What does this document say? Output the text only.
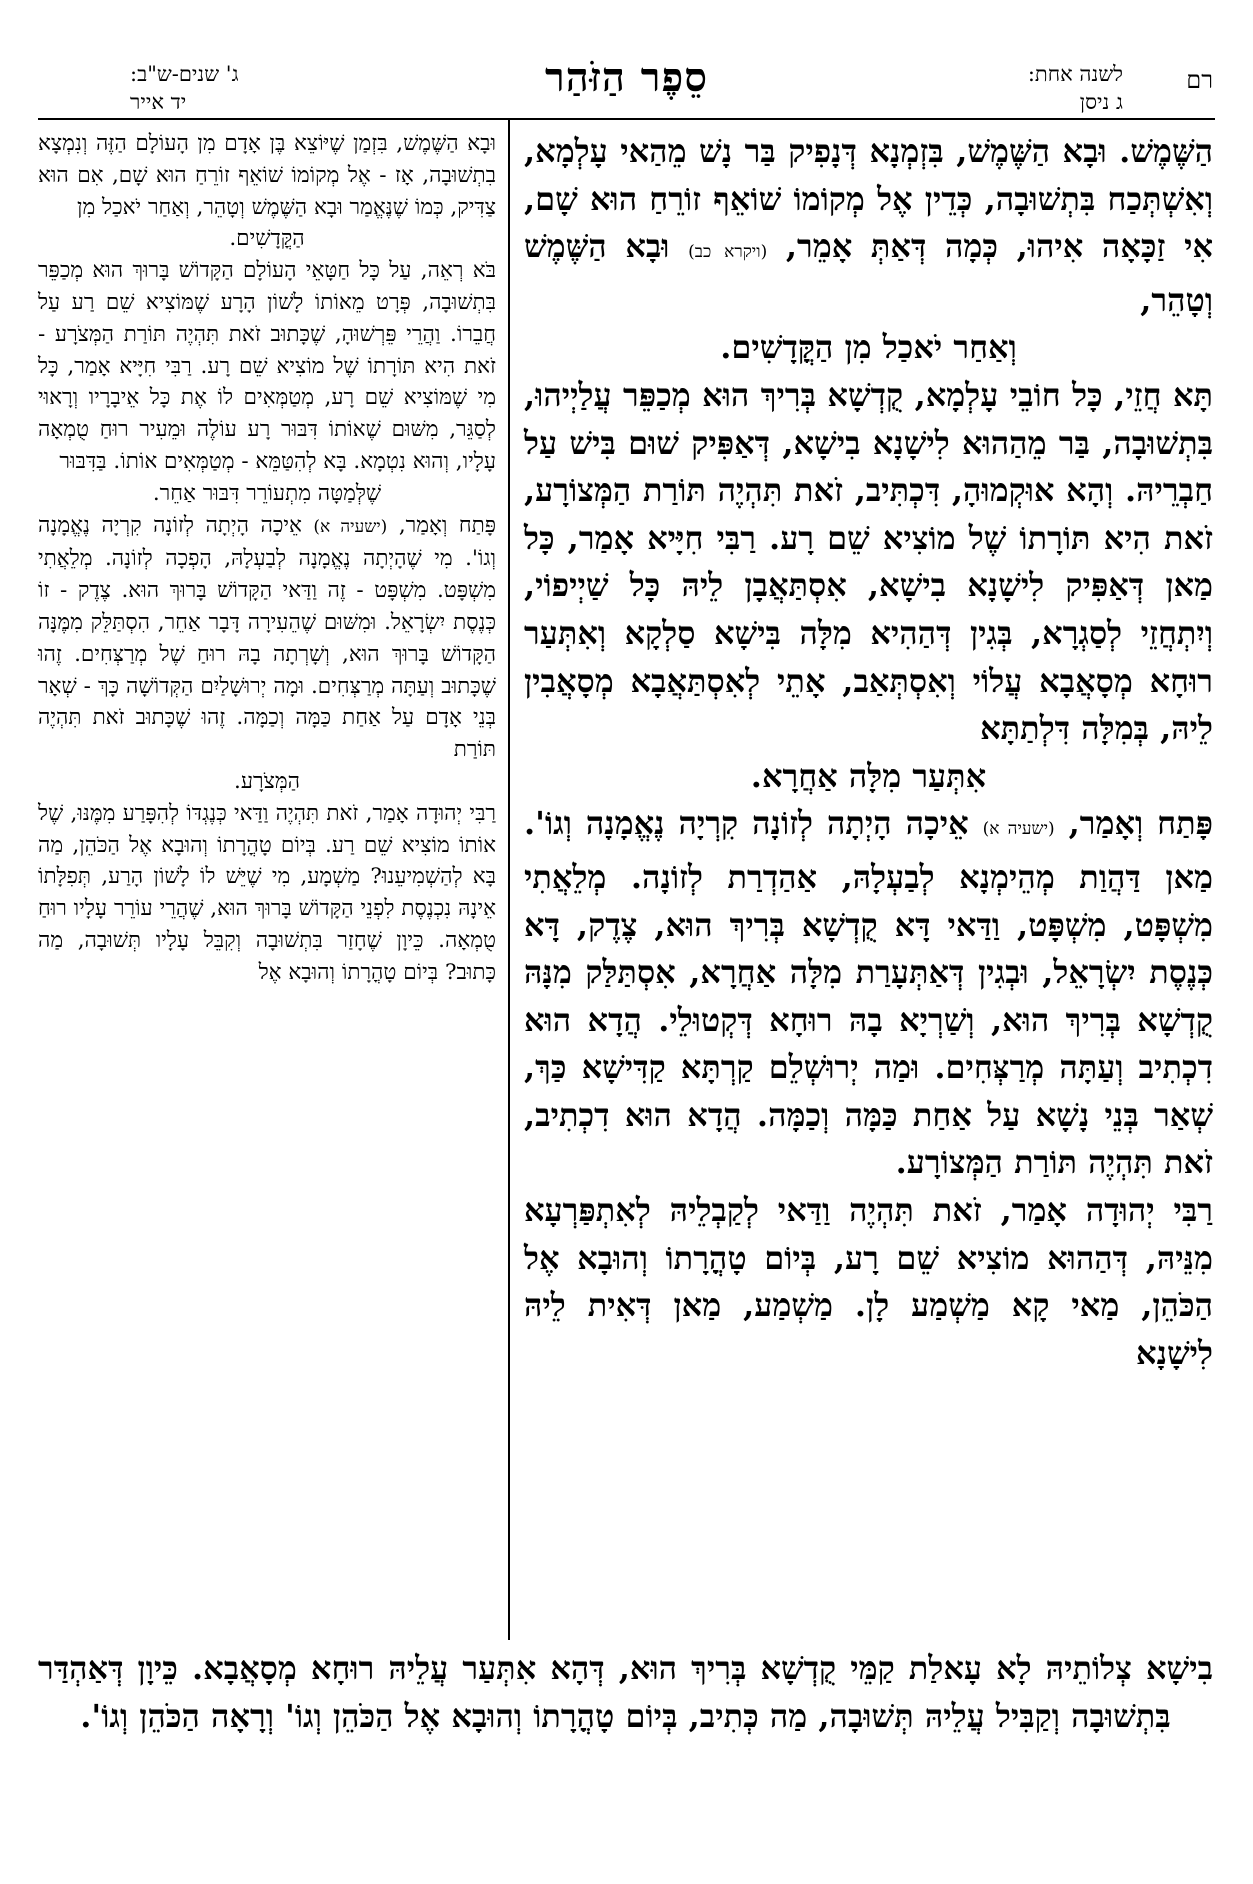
רם
לשנה אחת:
ג ניסן
סֵפֶר הַזֹּהַר
ג' שנים-ש"ב:
יד אייר

הַשֶּׁמֶשׁ. וּבָא הַשֶּׁמֶשׁ, בִּזְמְנָא דְּנָפִיק בַּר נָשׁ מֵהַאי עָלְמָא, וְאִשְׁתְּכַח בִּתְשׁוּבָה, כְּדֵין אֶל מְקוֹמוֹ שׁוֹאֵף זוֹרֵחַ הוּא שָׁם, אִי זַכָּאָה אִיהוּ, כְּמָה דְּאַתְּ אָמֵר, (ויקרא כב) וּבָא הַשֶּׁמֶשׁ וְטָהֵר,

וְאַחַר יֹאכַל מִן הַקֳּדָשִׁים.

תָּא חֲזֵי, כָּל חוֹבֵי עָלְמָא, קֻדְשָׁא בְּרִיךְ הוּא מְכַפֵּר עֲלַיְיהוּ, בִּתְשׁוּבָה, בַּר מֵהַהוּא לִישָׁנָא בִישָׁא, דְּאַפִּיק שׁוּם בִּישׁ עַל חַבְרֵיהּ. וְהָא אוּקְמוּהָ, דִּכְתִּיב, זֹאת תִּהְיֶה תּוֹרַת הַמְּצוֹרָע, זֹאת הִיא תּוֹרָתוֹ שֶׁל מוֹצִיא שֵׁם רָע. רַבִּי חִיָּיא אָמַר, כָּל מַאן דְּאַפִּיק לִישָׁנָא בִישָׁא, אִסְתַּאֲבָן לֵיהּ כָּל שַׁיְיפוֹי, וְיִתְחֲזֵי לְסַגְרָא, בְּגִין דְּהַהִיא מִלָּה בִּישָׁא סַלְקָא וְאִתְּעַר רוּחָא מְסָאֲבָא עֲלוֹי וְאִסְתְּאַב, אָתֵי לְאִסְתַּאֲבָא מְסָאֲבִין לֵיהּ, בְּמִלָּה דִּלְתַתָּא

אִתְּעַר מִלָּה אַחֲרָא.

פָּתַח וְאָמַר, (ישעיה א) אֵיכָה הָיְתָה לְזוֹנָה קִרְיָה נֶאֱמָנָה וְגוֹ'. מַאן דַּהֲוַת מְהֵימְנָא לְבַעְלָהּ, אַהַדְרַת לְזוֹנָה. מְלֵאֲתִי מִשְׁפָּט, מִשְׁפָּט, וַדַּאי דָּא קֻדְשָׁא בְּרִיךְ הוּא, צֶדֶק, דָּא כְּנֶסֶת יִשְׂרָאֵל, וּבְגִין דְּאַתְּעָרַת מִלָּה אַחֲרָא, אִסְתַּלַּק מִנָּהּ קֻדְשָׁא בְּרִיךְ הוּא, וְשַׁרְיָא בָהּ רוּחָא דְּקְטוּלֵי. הֲדָא הוּא דִכְתִיב וְעַתָּה מְרַצְּחִים. וּמַה יְרוּשְׁלֵם קַרְתָּא קַדִּישָׁא כַּךְ, שְׁאַר בְּנֵי נָשָׁא עַל אַחַת כַּמָּה וְכַמָּה. הֲדָא הוּא דִכְתִיב, זֹאת תִּהְיֶה תּוֹרַת הַמְּצוֹרָע.

רַבִּי יְהוּדָה אָמַר, זֹאת תִּהְיֶה וַדַּאי לְקַבְלֵיהּ לְאִתְפַּרְעָא מִנֵּיהּ, דְּהַהוּא מוֹצִיא שֵׁם רָע, בְּיוֹם טָהֳרָתוֹ וְהוּבָא אֶל הַכֹּהֵן, מַאי קָא מַשְׁמַע לָן. מַשְׁמַע, מַאן דְּאִית לֵיהּ לִישָׁנָא

וּבָא הַשֶּׁמֶשׁ, בִּזְמַן שֶׁיּוֹצֵא בֶּן אָדָם מִן הָעוֹלָם הַזֶּה וְנִמְצָא בִתְשׁוּבָה, אָז - אֶל מְקוֹמוֹ שׁוֹאֵף זוֹרֵחַ הוּא שָׁם, אִם הוּא צַדִּיק, כְּמוֹ שֶׁנֶּאֱמַר וּבָא הַשֶּׁמֶשׁ וְטָהֵר, וְאַחַר יֹאכַל מִן

הַקֳּדָשִׁים.

בֹּא רְאֵה, עַל כָּל חַטָּאֵי הָעוֹלָם הַקָּדוֹשׁ בָּרוּךְ הוּא מְכַפֵּר בִּתְשׁוּבָה, פְּרָט מֵאוֹתוֹ לָשׁוֹן הָרָע שֶׁמּוֹצִיא שֵׁם רַע עַל חֲבֵרוֹ. וַהֲרֵי פֵּרְשׁוּהָ, שֶׁכָּתוּב זֹאת תִּהְיֶה תּוֹרַת הַמְּצֹרָע - זֹאת הִיא תּוֹרָתוֹ שֶׁל מוֹצִיא שֵׁם רָע. רַבִּי חִיָּיא אָמַר, כָּל מִי שֶׁמּוֹצִיא שֵׁם רָע, מְטַמְּאִים לוֹ אֶת כָּל אֵיבָרָיו וְרָאוּי לְסַגֵּר, מִשּׁוּם שֶׁאוֹתוֹ דִּבּוּר רָע עוֹלֶה וּמֵעִיר רוּחַ טֻמְאָה עָלָיו, וְהוּא נִטְמָא. בָּא לְהִטַּמֵּא - מְטַמְּאִים אוֹתוֹ. בַּדִּבּוּר

שֶׁלְּמַטָּה מִתְעוֹרֵר דִּבּוּר אַחֵר.

פָּתַח וְאָמַר, (ישעיה א) אֵיכָה הָיְתָה לְזוֹנָה קִרְיָה נֶאֱמָנָה וְגוֹ'. מִי שֶׁהָיְתָה נֶאֱמָנָה לְבַעְלָהּ, הָפְכָה לְזוֹנָה. מְלֵאֲתִי מִשְׁפָּט. מִשְׁפָּט - זֶה וַדַּאי הַקָּדוֹשׁ בָּרוּךְ הוּא. צֶדֶק - זוֹ כְּנֶסֶת יִשְׂרָאֵל. וּמִשּׁוּם שֶׁהֵעִירָה דָּבָר אַחֵר, הִסְתַּלֵּק מִמֶּנָּה הַקָּדוֹשׁ בָּרוּךְ הוּא, וְשָׁרְתָה בָהּ רוּחַ שֶׁל מְרַצְּחִים. זֶהוּ שֶׁכָּתוּב וְעַתָּה מְרַצְּחִים. וּמָה יְרוּשָׁלַיִם הַקְּדוֹשָׁה כָּךְ - שְׁאָר בְּנֵי אָדָם עַל אַחַת כַּמָּה וְכַמָּה. זֶהוּ שֶׁכָּתוּב זֹאת תִּהְיֶה תּוֹרַת

הַמְּצֹרָע.

רַבִּי יְהוּדָה אָמַר, זֹאת תִּהְיֶה וַדַּאי כְּנֶגְדּוֹ לְהִפָּרַע מִמֶּנּוּ, שֶׁל אוֹתוֹ מוֹצִיא שֵׁם רַע. בְּיוֹם טָהֳרָתוֹ וְהוּבָא אֶל הַכֹּהֵן, מַה בָּא לְהַשְׁמִיעֵנוּ? מַשְׁמָע, מִי שֶׁיֵּשׁ לוֹ לָשׁוֹן הָרַע, תְּפִלָּתוֹ אֵינָהּ נִכְנֶסֶת לִפְנֵי הַקָּדוֹשׁ בָּרוּךְ הוּא, שֶׁהֲרֵי עוֹרֵר עָלָיו רוּחַ טֻמְאָה. כֵּיוָן שֶׁחָזַר בִּתְשׁוּבָה וְקִבֵּל עָלָיו תְּשׁוּבָה, מַה כָּתוּב? בְּיוֹם טָהֳרָתוֹ וְהוּבָא אֶל

בִישָׁא צְלוֹתֵיהּ לָא עָאלַת קַמֵּי קֻדְשָׁא בְּרִיךְ הוּא, דְּהָא אִתְּעַר עֲלֵיהּ רוּחָא מְסָאֲבָא. כֵּיוָן דְּאַהְדַּר בִּתְשׁוּבָה וְקַבִּיל עֲלֵיהּ תְּשׁוּבָה, מַה כְּתִיב, בְּיוֹם טָהֳרָתוֹ וְהוּבָא אֶל הַכֹּהֵן וְגוֹ' וְרָאָה הַכֹּהֵן וְגוֹ'.
